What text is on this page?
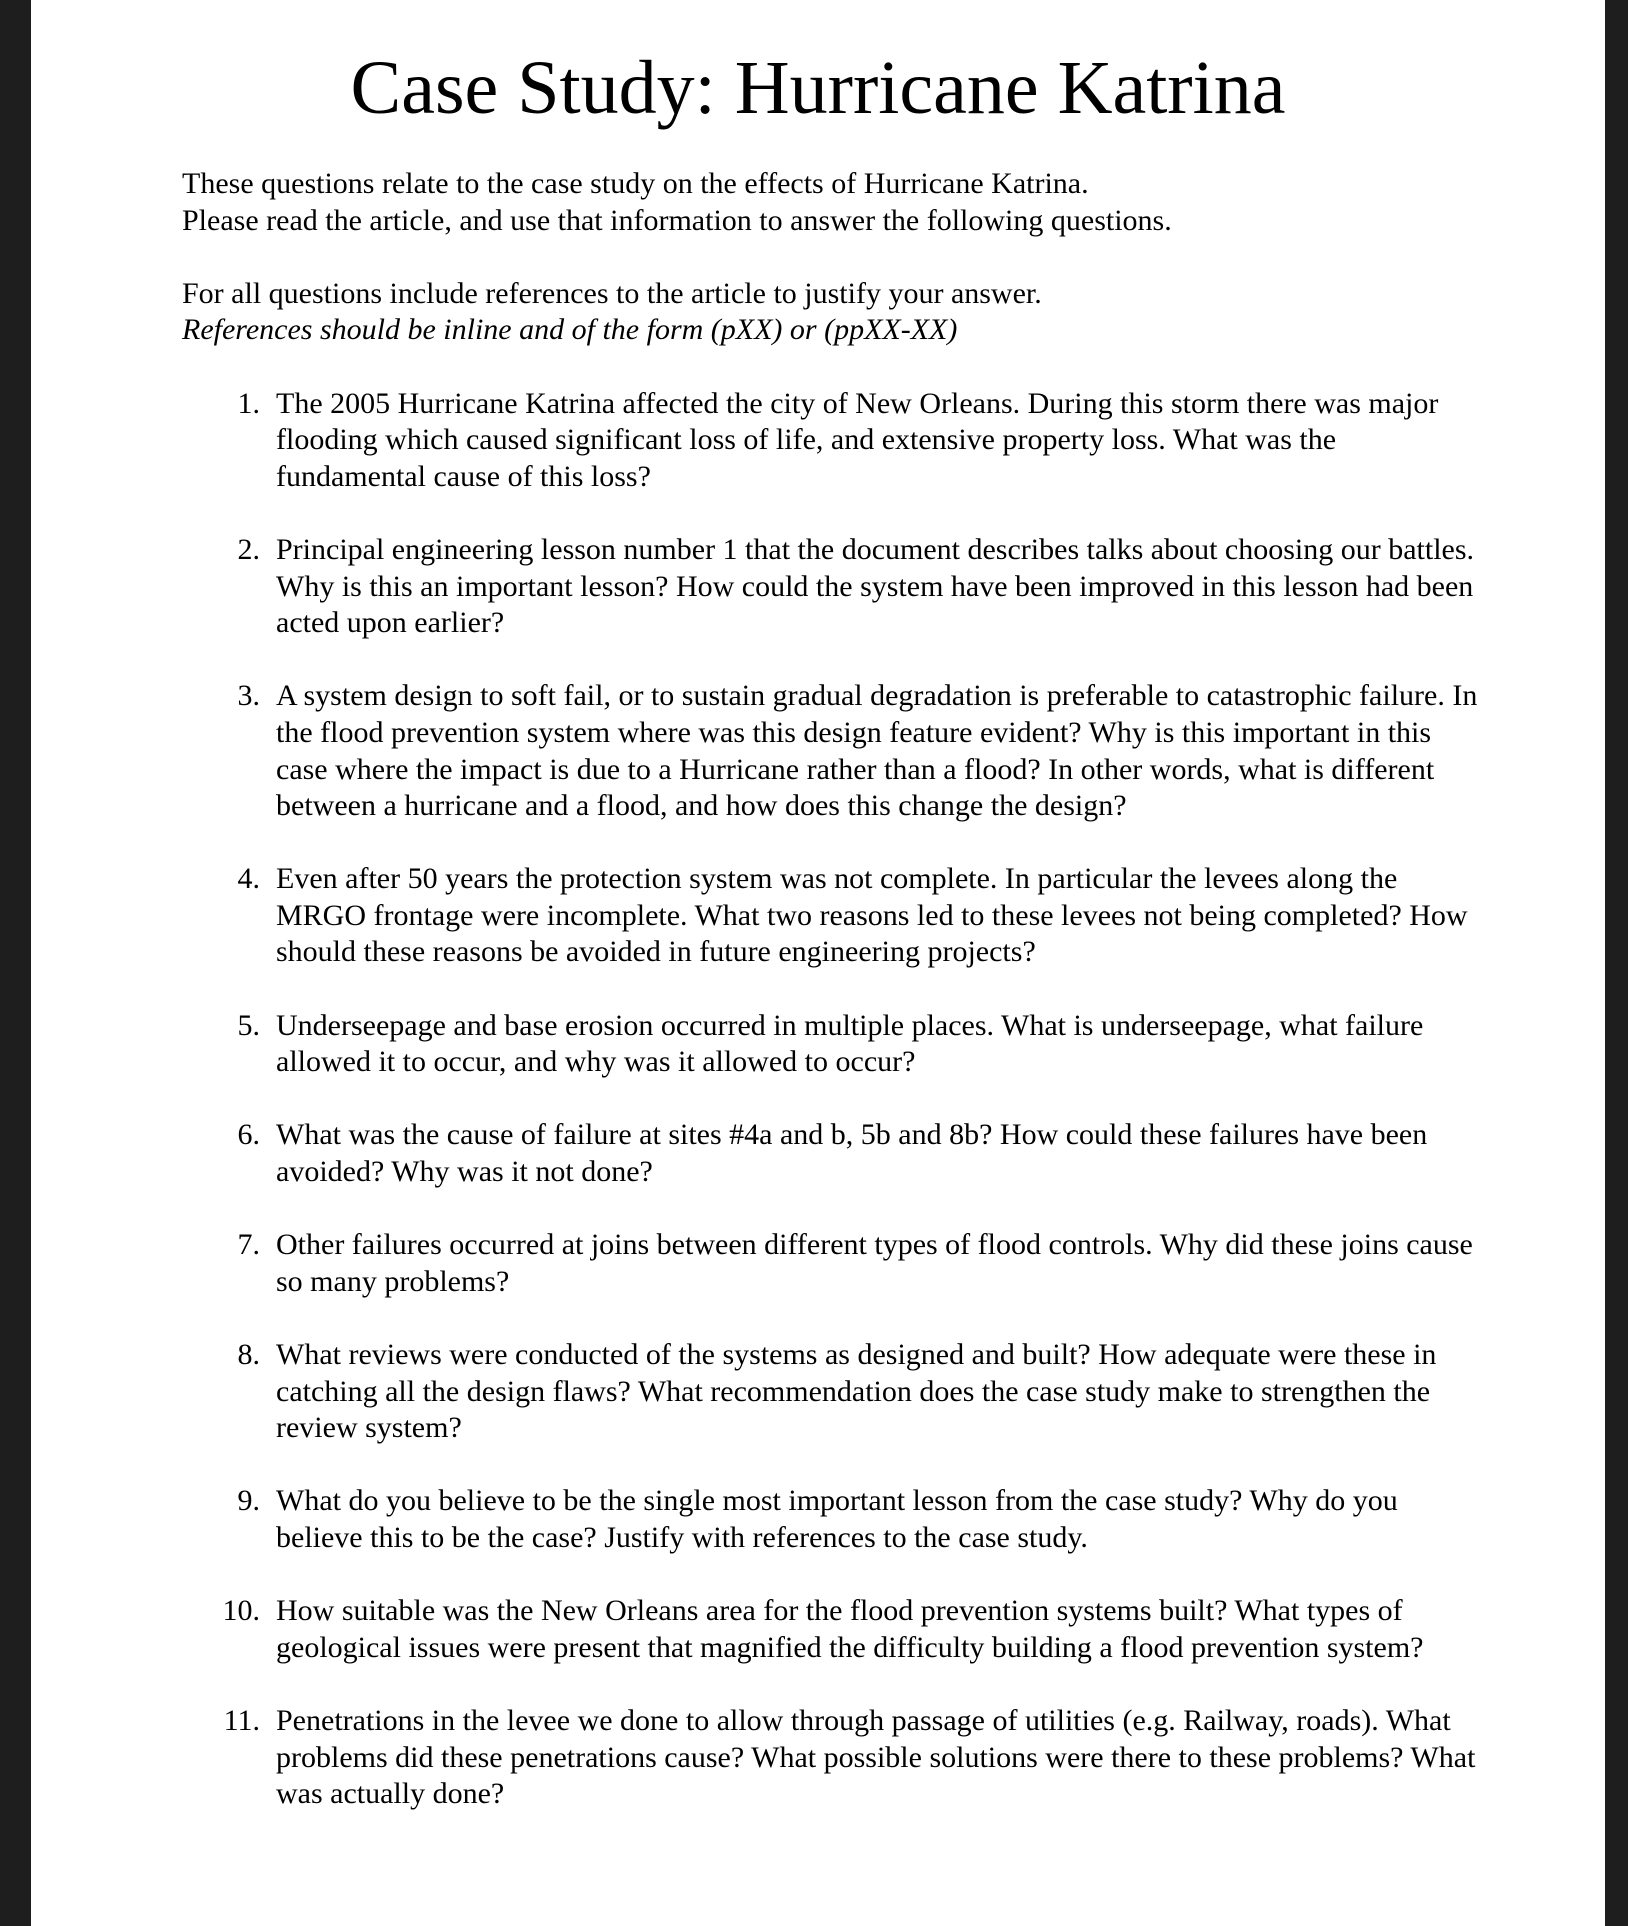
Case Study: Hurricane Katrina

These questions relate to the case study on the effects of Hurricane Katrina.
Please read the article, and use that information to answer the following questions.

For all questions include references to the article to justify your answer.
References should be inline and of the form (pXX) or (ppXX-XX)

1. The 2005 Hurricane Katrina affected the city of New Orleans. During this storm there was major flooding which caused significant loss of life, and extensive property loss. What was the fundamental cause of this loss?
2. Principal engineering lesson number 1 that the document describes talks about choosing our battles. Why is this an important lesson? How could the system have been improved in this lesson had been acted upon earlier?
3. A system design to soft fail, or to sustain gradual degradation is preferable to catastrophic failure. In the flood prevention system where was this design feature evident? Why is this important in this case where the impact is due to a Hurricane rather than a flood? In other words, what is different between a hurricane and a flood, and how does this change the design?
4. Even after 50 years the protection system was not complete. In particular the levees along the MRGO frontage were incomplete. What two reasons led to these levees not being completed? How should these reasons be avoided in future engineering projects?
5. Underseepage and base erosion occurred in multiple places. What is underseepage, what failure allowed it to occur, and why was it allowed to occur?
6. What was the cause of failure at sites #4a and b, 5b and 8b? How could these failures have been avoided? Why was it not done?
7. Other failures occurred at joins between different types of flood controls. Why did these joins cause so many problems?
8. What reviews were conducted of the systems as designed and built? How adequate were these in catching all the design flaws? What recommendation does the case study make to strengthen the review system?
9. What do you believe to be the single most important lesson from the case study? Why do you believe this to be the case? Justify with references to the case study.
10. How suitable was the New Orleans area for the flood prevention systems built? What types of geological issues were present that magnified the difficulty building a flood prevention system?
11. Penetrations in the levee we done to allow through passage of utilities (e.g. Railway, roads). What problems did these penetrations cause? What possible solutions were there to these problems? What was actually done?
